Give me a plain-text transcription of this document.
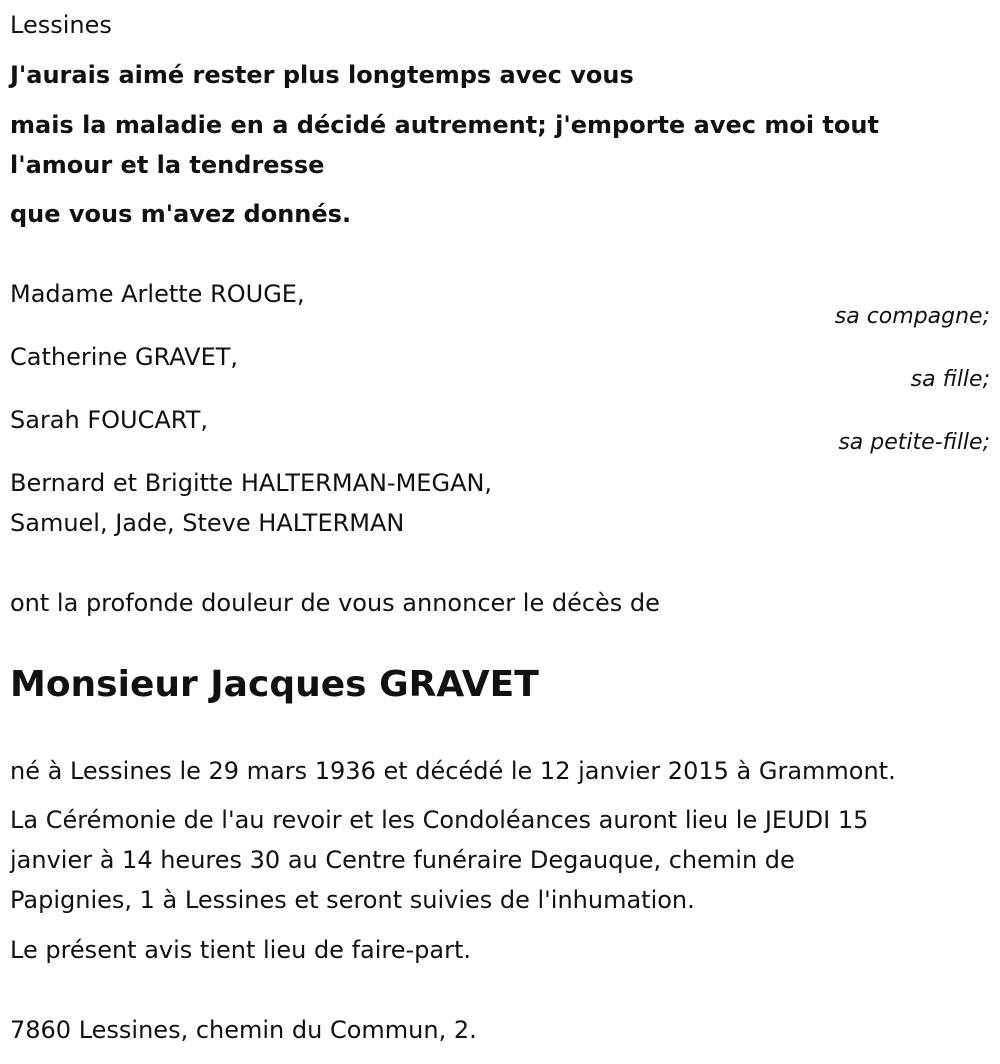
Lessines
J'aurais aimé rester plus longtemps avec vous
mais la maladie en a décidé autrement; j'emporte avec moi tout
l'amour et la tendresse
que vous m'avez donnés.
Madame Arlette ROUGE,
sa compagne;
Catherine GRAVET,
sa fille;
Sarah FOUCART,
sa petite-fille;
Bernard et Brigitte HALTERMAN-MEGAN,
Samuel, Jade, Steve HALTERMAN
ont la profonde douleur de vous annoncer le décès de
Monsieur Jacques GRAVET
né à Lessines le 29 mars 1936 et décédé le 12 janvier 2015 à Grammont.
La Cérémonie de l'au revoir et les Condoléances auront lieu le JEUDI 15
janvier à 14 heures 30 au Centre funéraire Degauque, chemin de
Papignies, 1 à Lessines et seront suivies de l'inhumation.
Le présent avis tient lieu de faire-part.
7860 Lessines, chemin du Commun, 2.
